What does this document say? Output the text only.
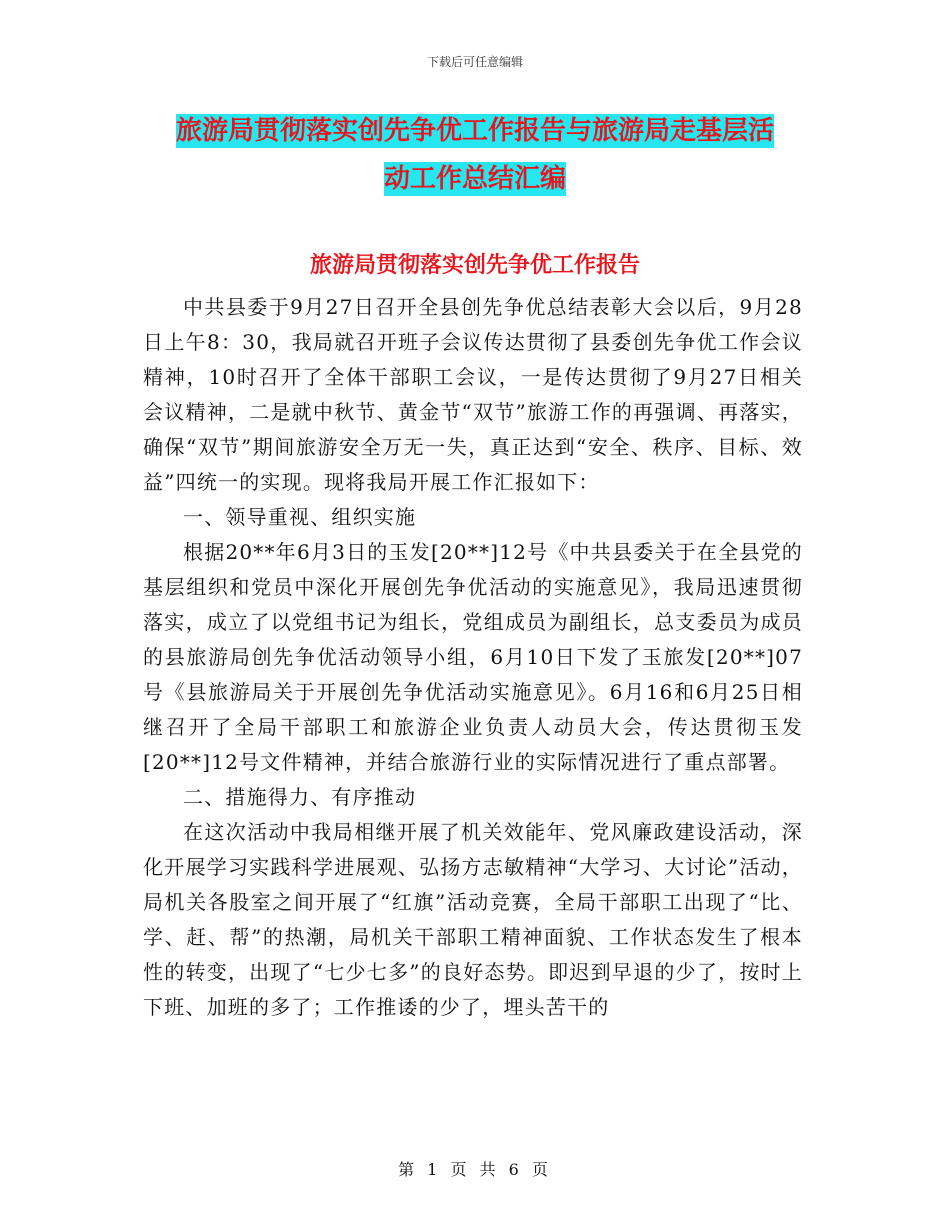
下载后可任意编辑
旅游局贯彻落实创先争优工作报告与旅游局走基层活
动工作总结汇编
旅游局贯彻落实创先争优工作报告

中共县委于9月27日召开全县创先争优总结表彰大会以后，9月28日上午8：30，我局就召开班子会议传达贯彻了县委创先争优工作会议精神，10时召开了全体干部职工会议，一是传达贯彻了9月27日相关会议精神，二是就中秋节、黄金节“双节”旅游工作的再强调、再落实，确保“双节”期间旅游安全万无一失，真正达到“安全、秩序、目标、效益”四统一的实现。现将我局开展工作汇报如下：

一、领导重视、组织实施

根据20**年6月3日的玉发[20**]12号《中共县委关于在全县党的基层组织和党员中深化开展创先争优活动的实施意见》，我局迅速贯彻落实，成立了以党组书记为组长，党组成员为副组长，总支委员为成员的县旅游局创先争优活动领导小组，6月10日下发了玉旅发[20**]07号《县旅游局关于开展创先争优活动实施意见》。6月16和6月25日相继召开了全局干部职工和旅游企业负责人动员大会，传达贯彻玉发[20**]12号文件精神，并结合旅游行业的实际情况进行了重点部署。

二、措施得力、有序推动

在这次活动中我局相继开展了机关效能年、党风廉政建设活动，深化开展学习实践科学进展观、弘扬方志敏精神“大学习、大讨论”活动，局机关各股室之间开展了“红旗”活动竞赛，全局干部职工出现了“比、学、赶、帮”的热潮，局机关干部职工精神面貌、工作状态发生了根本性的转变，出现了“七少七多”的良好态势。即迟到早退的少了，按时上下班、加班的多了；工作推诿的少了，埋头苦干的

第 1 页 共 6 页
